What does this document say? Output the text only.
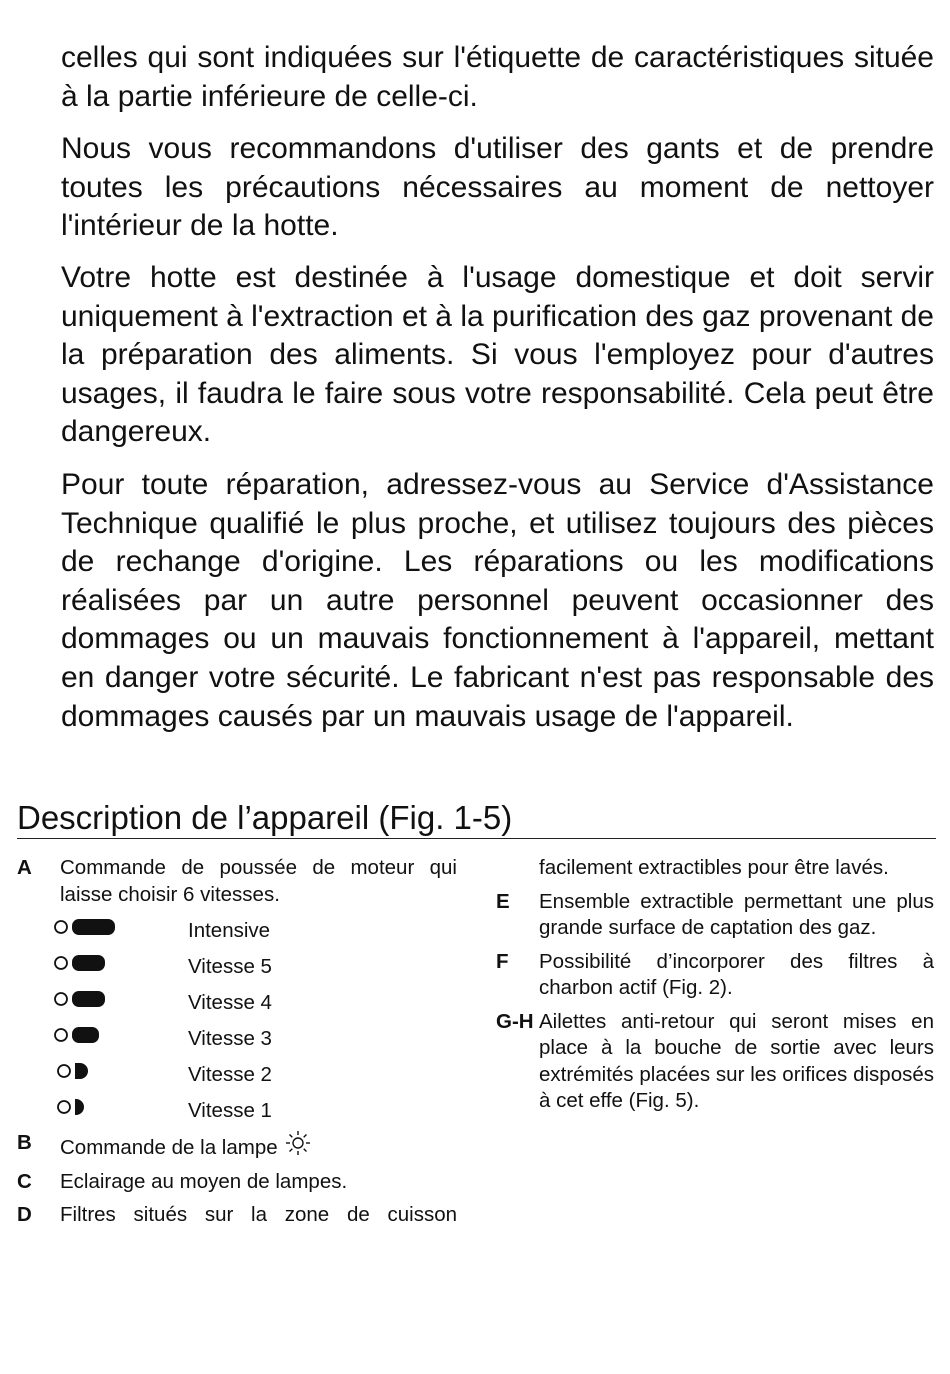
celles qui sont indiquées sur l'étiquette de caractéristiques située à la partie inférieure de celle-ci.

Nous vous recommandons d'utiliser des gants et de prendre toutes les précautions nécessaires au moment de nettoyer l'intérieur de la hotte.

Votre hotte est destinée à l'usage domestique et doit servir uniquement à l'extraction et à la purification des gaz provenant de la préparation des aliments. Si vous l'employez pour d'autres usages, il faudra le faire sous votre responsabilité. Cela peut être dangereux.

Pour toute réparation, adressez-vous au Service d'Assistance Technique qualifié le plus proche, et utilisez toujours des pièces de rechange d'origine. Les réparations ou les modifications réalisées par un autre personnel peuvent occasionner des dommages ou un mauvais fonctionnement à l'appareil, mettant en danger votre sécurité. Le fabricant n'est pas responsable des dommages causés par un mauvais usage de l'appareil.

Description de l’appareil (Fig. 1-5)
A Commande de poussée de moteur qui laisse choisir 6 vitesses.
Intensive
Vitesse 5
Vitesse 4
Vitesse 3
Vitesse 2
Vitesse 1
B Commande de la lampe
C Eclairage au moyen de lampes.
D Filtres situés sur la zone de cuisson
facilement extractibles pour être lavés.
E Ensemble extractible permettant une plus grande surface de captation des gaz.
F Possibilité d’incorporer des filtres à charbon actif (Fig. 2).
G-H Ailettes anti-retour qui seront mises en place à la bouche de sortie avec leurs extrémités placées sur les orifices disposés à cet effe (Fig. 5).
